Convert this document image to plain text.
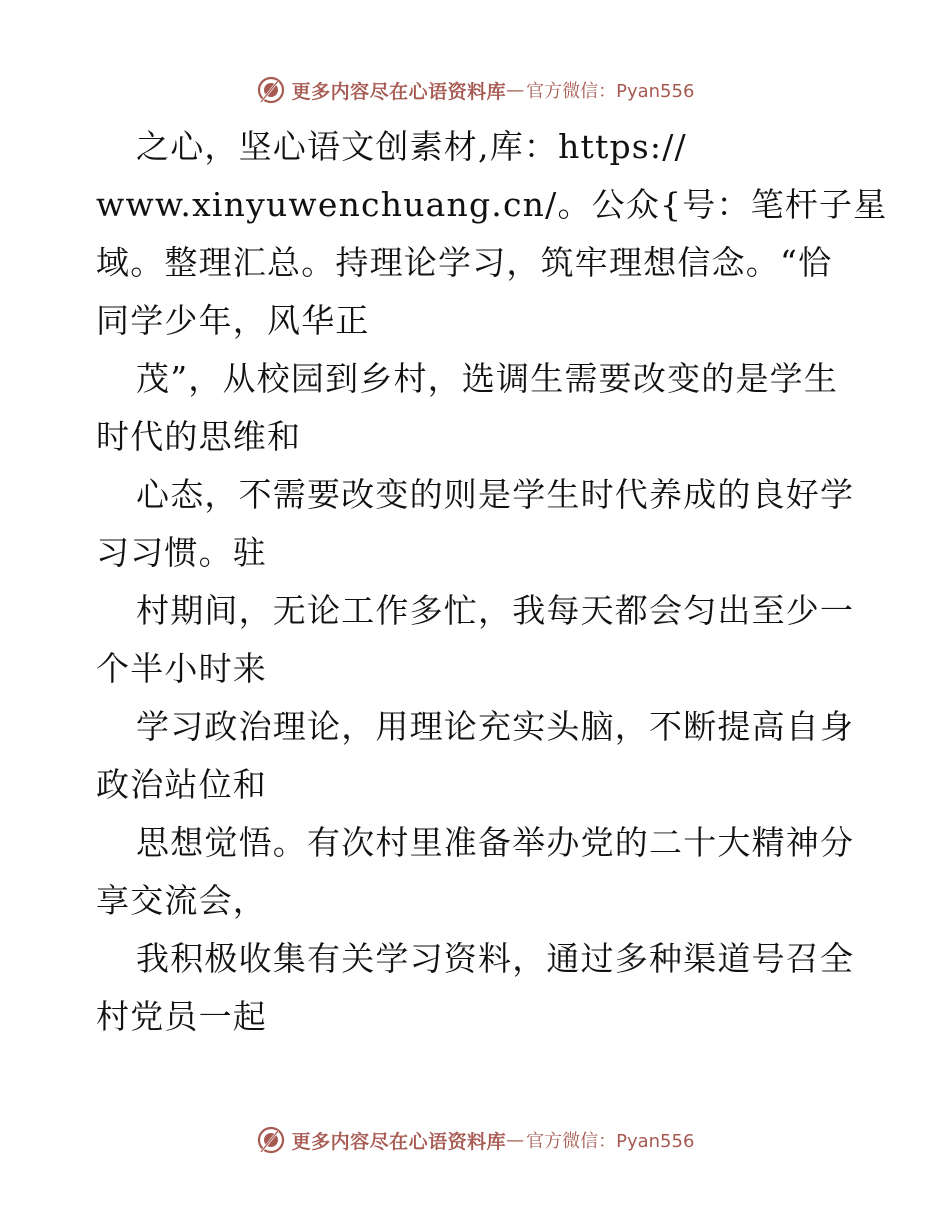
更多内容尽在心语资料库 — 官方微信：Pyan556
之心，坚心语文创素材,库：https://
www.xinyuwenchuang.cn/。公众{号：笔杆子星
域。整理汇总。持理论学习，筑牢理想信念。“恰
同学少年，风华正
茂”，从校园到乡村，选调生需要改变的是学生
时代的思维和
心态，不需要改变的则是学生时代养成的良好学
习习惯。驻
村期间，无论工作多忙，我每天都会匀出至少一
个半小时来
学习政治理论，用理论充实头脑，不断提高自身
政治站位和
思想觉悟。有次村里准备举办党的二十大精神分
享交流会，
我积极收集有关学习资料，通过多种渠道号召全
村党员一起
更多内容尽在心语资料库 — 官方微信：Pyan556
